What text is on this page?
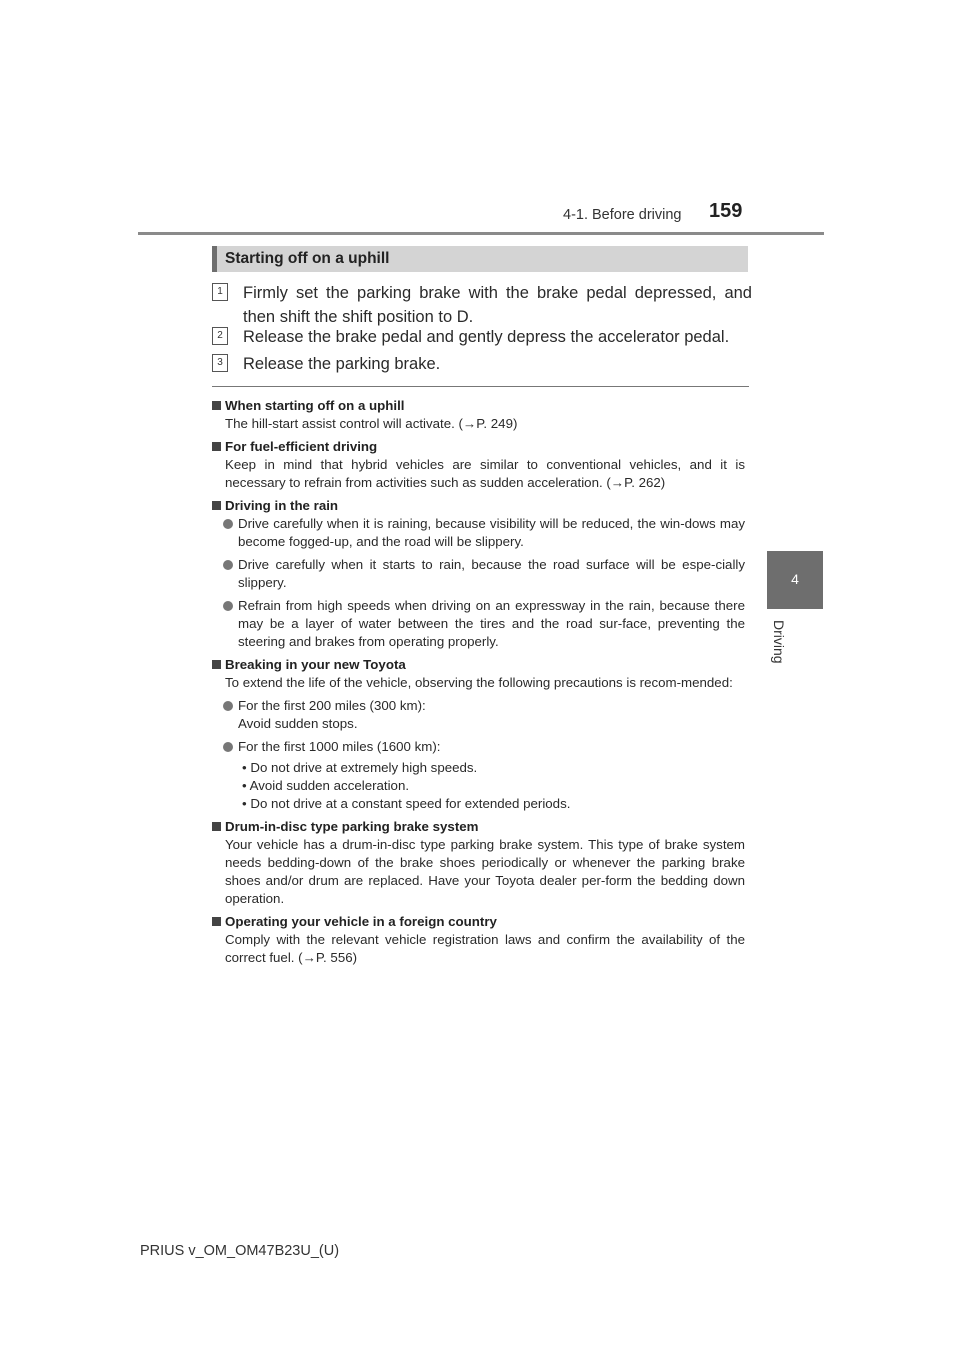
4-1. Before driving 159
4
Driving
Starting off on a uphill
1	Firmly set the parking brake with the brake pedal depressed, and then shift the shift position to D.
2	Release the brake pedal and gently depress the accelerator pedal.
3	Release the parking brake.
When starting off on a uphill
The hill-start assist control will activate. (→P. 249)
For fuel-efficient driving
Keep in mind that hybrid vehicles are similar to conventional vehicles, and it is necessary to refrain from activities such as sudden acceleration. (→P. 262)
Driving in the rain
Drive carefully when it is raining, because visibility will be reduced, the win-dows may become fogged-up, and the road will be slippery.
Drive carefully when it starts to rain, because the road surface will be espe-cially slippery.
Refrain from high speeds when driving on an expressway in the rain, because there may be a layer of water between the tires and the road sur-face, preventing the steering and brakes from operating properly.
Breaking in your new Toyota
To extend the life of the vehicle, observing the following precautions is recom-mended:
For the first 200 miles (300 km):
Avoid sudden stops.
For the first 1000 miles (1600 km):
• Do not drive at extremely high speeds.
• Avoid sudden acceleration.
• Do not drive at a constant speed for extended periods.
Drum-in-disc type parking brake system
Your vehicle has a drum-in-disc type parking brake system. This type of brake system needs bedding-down of the brake shoes periodically or whenever the parking brake shoes and/or drum are replaced. Have your Toyota dealer per-form the bedding down operation.
Operating your vehicle in a foreign country
Comply with the relevant vehicle registration laws and confirm the availability of the correct fuel. (→P. 556)
PRIUS v_OM_OM47B23U_(U)
